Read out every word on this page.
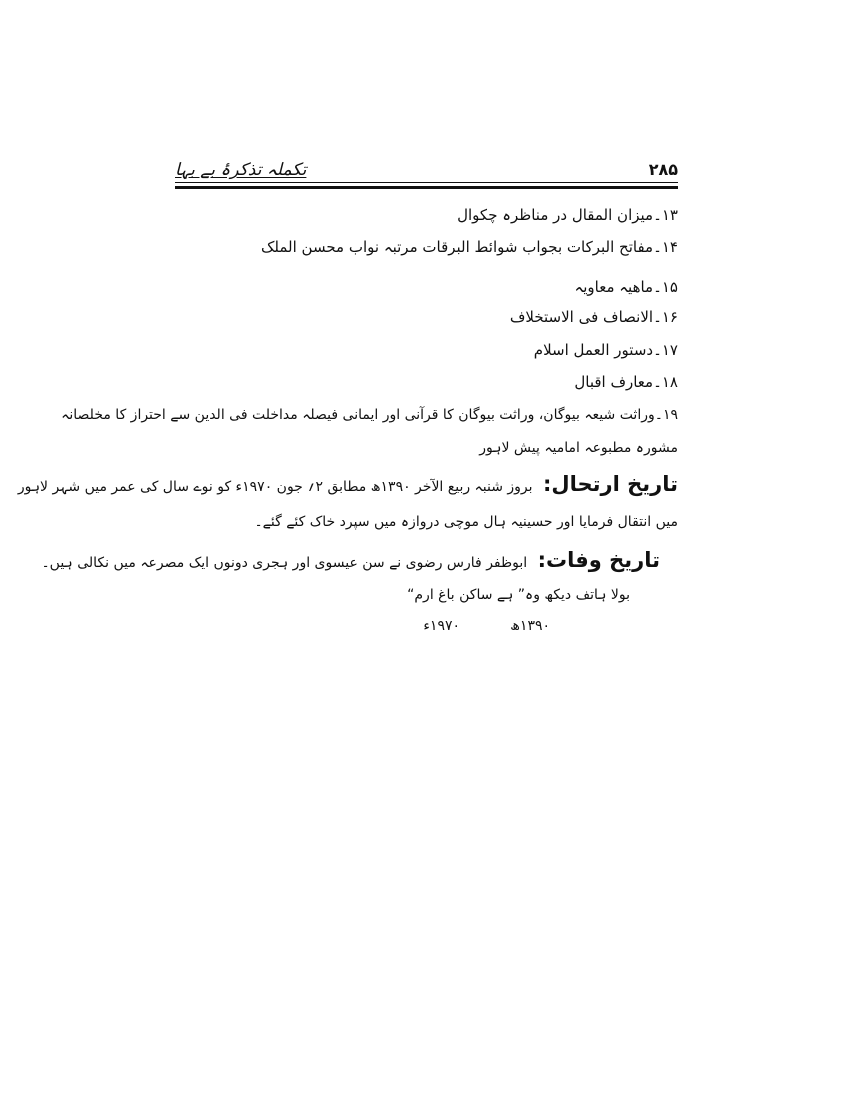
تکملہ تذکرۂ بے بہا	۲۸۵
۱۳۔میزان المقال در مناظرہ چکوال
۱۴۔مفاتح البرکات بجواب شوائط البرقات مرتبہ نواب محسن الملک
۱۵۔ماھیہ معاویہ
۱۶۔الانصاف فی الاستخلاف
۱۷۔دستور العمل اسلام
۱۸۔معارف اقبال
۱۹۔وراثت شیعہ بیوگان، وراثت بیوگان کا قرآنی اور ایمانی فیصلہ مداخلت فی الدین سے احتراز کا مخلصانہ
مشورہ مطبوعہ امامیہ پیش لاہور
تاریخ ارتحال: بروز شنبہ ربیع الآخر ۱۳۹۰ھ مطابق ۲؍ جون ۱۹۷۰ء کو نوے سال کی عمر میں شہر لاہور
میں انتقال فرمایا اور حسینیہ ہال موچی دروازہ میں سپرد خاک کئے گئے۔
تاریخ وفات: ابوظفر فارس رضوی نے سن عیسوی اور ہجری دونوں ایک مصرعہ میں نکالی ہیں۔
بولا ہاتف دیکھ وہ” ہے ساکن باغ ارم“
۱۳۹۰ھ
۱۹۷۰ء
